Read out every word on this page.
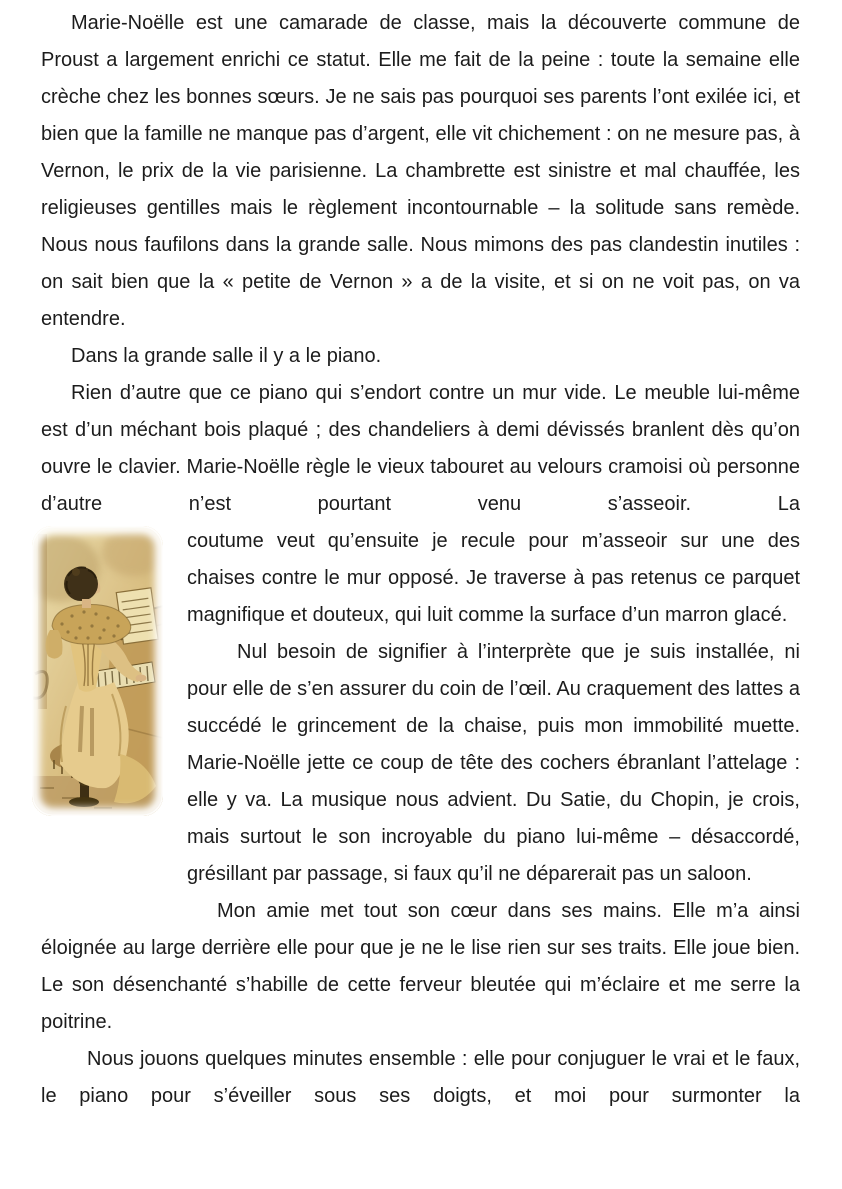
Marie-Noëlle est une camarade de classe, mais la découverte commune de Proust a largement enrichi ce statut. Elle me fait de la peine : toute la semaine elle crèche chez les bonnes sœurs. Je ne sais pas pourquoi ses parents l’ont exilée ici, et bien que la famille ne manque pas d’argent, elle vit chichement : on ne mesure pas, à Vernon, le prix de la vie parisienne. La chambrette est sinistre et mal chauffée, les religieuses gentilles mais le règlement incontournable – la solitude sans remède. Nous nous faufilons dans la grande salle. Nous mimons des pas clandestin inutiles : on sait bien que la « petite de Vernon » a de la visite, et si on ne voit pas, on va entendre.

Dans la grande salle il y a le piano.

Rien d’autre que ce piano qui s’endort contre un mur vide. Le meuble lui-même est d’un méchant bois plaqué ; des chandeliers à demi dévissés branlent dès qu’on ouvre le clavier. Marie-Noëlle règle le vieux tabouret au velours cramoisi où personne d’autre n’est pourtant venu s’asseoir. La

coutume veut qu’ensuite je recule pour m’asseoir sur une des chaises contre le mur opposé. Je traverse à pas retenus ce parquet magnifique et douteux, qui luit comme la surface d’un marron glacé.

Nul besoin de signifier à l’interprète que je suis installée, ni pour elle de s’en assurer du coin de l’œil. Au craquement des lattes a succédé le grincement de la chaise, puis mon immobilité muette. Marie-Noëlle jette ce coup de tête des cochers ébranlant l’attelage : elle y va. La musique nous advient. Du Satie, du Chopin, je crois, mais surtout le son incroyable du piano lui-même – désaccordé, grésillant par passage, si faux qu’il ne déparerait pas un saloon.

Mon amie met tout son cœur dans ses mains. Elle m’a ainsi éloignée au large derrière elle pour que je ne le lise rien sur ses traits. Elle joue bien. Le son désenchanté s’habille de cette ferveur bleutée qui m’éclaire et me serre la poitrine.

Nous jouons quelques minutes ensemble : elle pour conjuguer le vrai et le faux, le piano pour s’éveiller sous ses doigts, et moi pour surmonter la
